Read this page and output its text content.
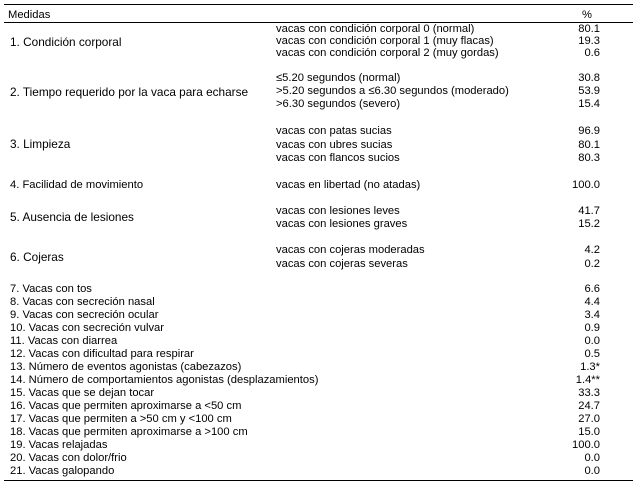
Medidas	%
1. Condición corporal
vacas con condición corporal 0 (normal)	80.1
vacas con condición corporal 1 (muy flacas)	19.3
vacas con condición corporal 2 (muy gordas)	0.6
2. Tiempo requerido por la vaca para echarse
≤5.20 segundos (normal)	30.8
>5.20 segundos a ≤6.30 segundos (moderado)	53.9
>6.30 segundos (severo)	15.4
3. Limpieza
vacas con patas sucias	96.9
vacas con ubres sucias	80.1
vacas con flancos sucios	80.3
4. Facilidad de movimiento	vacas en libertad (no atadas)	100.0
5. Ausencia de lesiones	vacas con lesiones leves	41.7
vacas con lesiones graves	15.2
6. Cojeras	vacas con cojeras moderadas	4.2
vacas con cojeras severas	0.2
7. Vacas con tos	6.6
8. Vacas con secreción nasal	4.4
9. Vacas con secreción ocular	3.4
10. Vacas con secreción vulvar	0.9
11. Vacas con diarrea	0.0
12. Vacas con dificultad para respirar	0.5
13. Número de eventos agonistas (cabezazos)	1.3*
14. Número de comportamientos agonistas (desplazamientos)	1.4**
15. Vacas que se dejan tocar	33.3
16. Vacas que permiten aproximarse a <50 cm	24.7
17. Vacas que permiten a >50 cm y <100 cm	27.0
18. Vacas que permiten aproximarse a >100 cm	15.0
19. Vacas relajadas	100.0
20. Vacas con dolor/frio	0.0
21. Vacas galopando	0.0
